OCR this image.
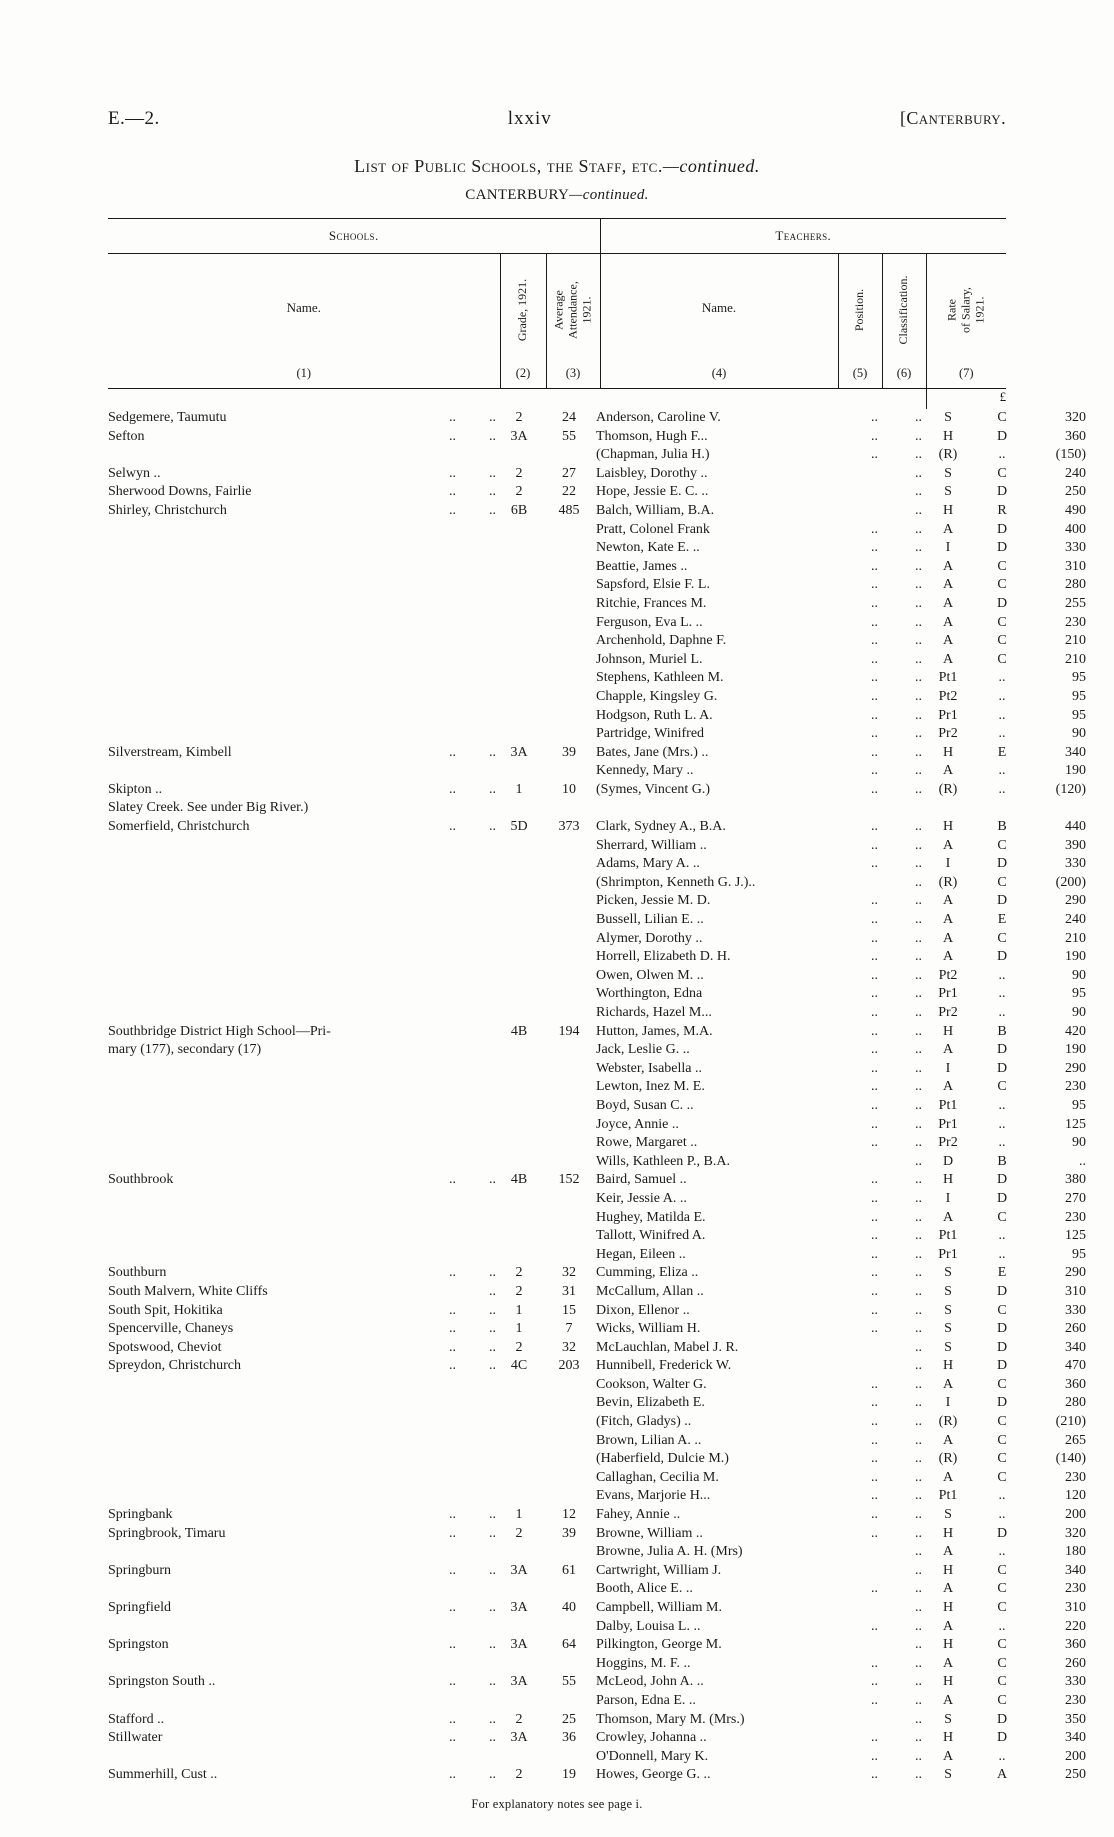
E.—2.	lxxiv	[Canterbury.
List of Public Schools, the Staff, etc.—continued.
CANTERBURY—continued.
Schools.	Teachers.

Name.	Grade, 1921.	Average
Attendance,
1921.	Name.	Position.	Classification.	Rate
of Salary,
1921.

(1)	(2)	(3)	(4)	(5)	(6)	(7)
	£

Sedgemere, Taumutu	..	..	2	24	Anderson, Caroline V.	..	..	S	C	320
Sefton	..	..	3A	55	Thomson, Hugh F...	..	..	H	D	360
					(Chapman, Julia H.)	..	..	(R)	..	(150)
Selwyn ..	..	..	2	27	Laisbley, Dorothy ..		..	S	C	240
Sherwood Downs, Fairlie	..	..	2	22	Hope, Jessie E. C. ..		..	S	D	250
Shirley, Christchurch	..	..	6B	485	Balch, William, B.A.		..	H	R	490
					Pratt, Colonel Frank	..	..	A	D	400
					Newton, Kate E. ..	..	..	I	D	330
					Beattie, James ..	..	..	A	C	310
					Sapsford, Elsie F. L.	..	..	A	C	280
					Ritchie, Frances M.	..	..	A	D	255
					Ferguson, Eva L. ..	..	..	A	C	230
					Archenhold, Daphne F.	..	..	A	C	210
					Johnson, Muriel L.	..	..	A	C	210
					Stephens, Kathleen M.	..	..	Pt1	..	95
					Chapple, Kingsley G.	..	..	Pt2	..	95
					Hodgson, Ruth L. A.	..	..	Pr1	..	95
					Partridge, Winifred	..	..	Pr2	..	90
Silverstream, Kimbell	..	..	3A	39	Bates, Jane (Mrs.) ..	..	..	H	E	340
					Kennedy, Mary ..	..	..	A	..	190
Skipton ..	..	..	1	10	(Symes, Vincent G.)	..	..	(R)	..	(120)
Slatey Creek. See under Big River.)										
Somerfield, Christchurch	..	..	5D	373	Clark, Sydney A., B.A.	..	..	H	B	440
					Sherrard, William ..	..	..	A	C	390
					Adams, Mary A. ..	..	..	I	D	330
					(Shrimpton, Kenneth G. J.)..		..	(R)	C	(200)
					Picken, Jessie M. D.	..	..	A	D	290
					Bussell, Lilian E. ..	..	..	A	E	240
					Alymer, Dorothy ..	..	..	A	C	210
					Horrell, Elizabeth D. H.	..	..	A	D	190
					Owen, Olwen M. ..	..	..	Pt2	..	90
					Worthington, Edna	..	..	Pr1	..	95
					Richards, Hazel M...	..	..	Pr2	..	90
Southbridge District High School—Pri-			4B	194	Hutton, James, M.A.	..	..	H	B	420
mary (177), secondary (17)					Jack, Leslie G. ..	..	..	A	D	190
					Webster, Isabella ..	..	..	I	D	290
					Lewton, Inez M. E.	..	..	A	C	230
					Boyd, Susan C. ..	..	..	Pt1	..	95
					Joyce, Annie ..	..	..	Pr1	..	125
					Rowe, Margaret ..	..	..	Pr2	..	90
					Wills, Kathleen P., B.A.		..	D	B	..
Southbrook	..	..	4B	152	Baird, Samuel ..	..	..	H	D	380
					Keir, Jessie A. ..	..	..	I	D	270
					Hughey, Matilda E.	..	..	A	C	230
					Tallott, Winifred A.	..	..	Pt1	..	125
					Hegan, Eileen ..	..	..	Pr1	..	95
Southburn	..	..	2	32	Cumming, Eliza ..	..	..	S	E	290
South Malvern, White Cliffs		..	2	31	McCallum, Allan ..	..	..	S	D	310
South Spit, Hokitika	..	..	1	15	Dixon, Ellenor ..	..	..	S	C	330
Spencerville, Chaneys	..	..	1	7	Wicks, William H.	..	..	S	D	260
Spotswood, Cheviot	..	..	2	32	McLauchlan, Mabel J. R.		..	S	D	340
Spreydon, Christchurch	..	..	4C	203	Hunnibell, Frederick W.		..	H	D	470
					Cookson, Walter G.	..	..	A	C	360
					Bevin, Elizabeth E.	..	..	I	D	280
					(Fitch, Gladys) ..	..	..	(R)	C	(210)
					Brown, Lilian A. ..	..	..	A	C	265
					(Haberfield, Dulcie M.)	..	..	(R)	C	(140)
					Callaghan, Cecilia M.	..	..	A	C	230
					Evans, Marjorie H...	..	..	Pt1	..	120
Springbank	..	..	1	12	Fahey, Annie ..	..	..	S	..	200
Springbrook, Timaru	..	..	2	39	Browne, William ..	..	..	H	D	320
					Browne, Julia A. H. (Mrs)		..	A	..	180
Springburn	..	..	3A	61	Cartwright, William J.		..	H	C	340
					Booth, Alice E. ..	..	..	A	C	230
Springfield	..	..	3A	40	Campbell, William M.		..	H	C	310
					Dalby, Louisa L. ..	..	..	A	..	220
Springston	..	..	3A	64	Pilkington, George M.		..	H	C	360
					Hoggins, M. F. ..	..	..	A	C	260
Springston South ..	..	..	3A	55	McLeod, John A. ..	..	..	H	C	330
					Parson, Edna E. ..	..	..	A	C	230
Stafford ..	..	..	2	25	Thomson, Mary M. (Mrs.)		..	S	D	350
Stillwater	..	..	3A	36	Crowley, Johanna ..	..	..	H	D	340
					O'Donnell, Mary K.	..	..	A	..	200
Summerhill, Cust ..	..	..	2	19	Howes, George G. ..	..	..	S	A	250
For explanatory notes see page i.
